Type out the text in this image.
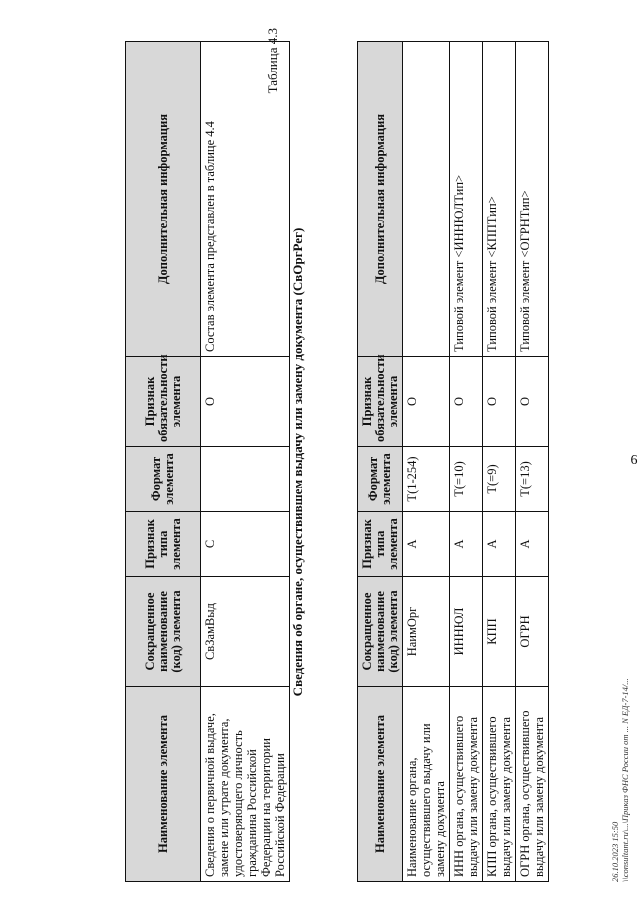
6
Наименование элемента	Сокращенное наименование (код) элемента	Признак типа элемента	Формат элемента	Признак обязательности элемента	Дополнительная информация
Сведения о первичной выдаче, замене или утрате документа, удостоверяющего личность гражданина Российской Федерации на территории Российской Федерации	СвЗамВыд	С		О	Состав элемента представлен в таблице 4.4
Таблица 4.3
Сведения об органе, осуществившем выдачу или замену документа (СвОргРег)
Наименование элемента	Сокращенное наименование (код) элемента	Признак типа элемента	Формат элемента	Признак обязательности элемента	Дополнительная информация
Наименование органа, осуществившего выдачу или замену документа	НаимОрг	А	T(1-254)	О	
ИНН органа, осуществившего выдачу или замену документа	ИННЮЛ	А	T(=10)	О	Типовой элемент <ИННЮЛТип>
КПП органа, осуществившего выдачу или замену документа	КПП	А	T(=9)	О	Типовой элемент <КППТип>
ОГРН органа, осуществившего выдачу или замену документа	ОГРН	А	T(=13)	О	Типовой элемент <ОГРНТип>
26.10.2023 15:50 \\consultant.ru\...\Приказ ФНС России от ... N ЕД-7-14/...
